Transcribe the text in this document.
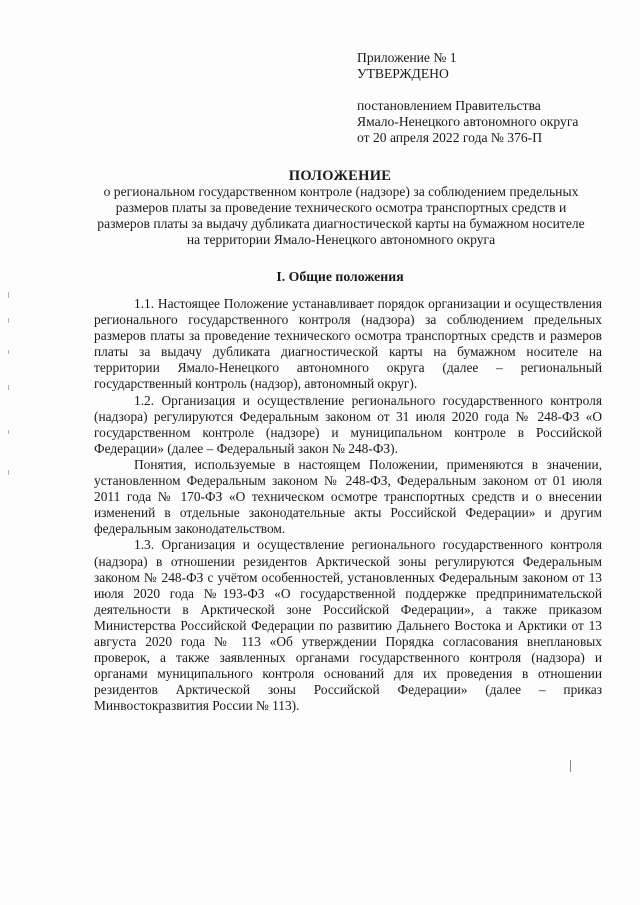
Приложение № 1
УТВЕРЖДЕНО
постановлением Правительства
Ямало-Ненецкого автономного округа
от 20 апреля 2022 года № 376-П
ПОЛОЖЕНИЕ
о региональном государственном контроле (надзоре) за соблюдением предельных размеров платы за проведение технического осмотра транспортных средств и размеров платы за выдачу дубликата диагностической карты на бумажном носителе на территории Ямало-Ненецкого автономного округа
I. Общие положения

1.1. Настоящее Положение устанавливает порядок организации и осуществления регионального государственного контроля (надзора) за соблюдением предельных размеров платы за проведение технического осмотра транспортных средств и размеров платы за выдачу дубликата диагностической карты на бумажном носителе на территории Ямало-Ненецкого автономного округа (далее – региональный государственный контроль (надзор), автономный округ).

1.2. Организация и осуществление регионального государственного контроля (надзора) регулируются Федеральным законом от 31 июля 2020 года № 248-ФЗ «О государственном контроле (надзоре) и муниципальном контроле в Российской Федерации» (далее – Федеральный закон № 248-ФЗ).

Понятия, используемые в настоящем Положении, применяются в значении, установленном Федеральным законом № 248-ФЗ, Федеральным законом от 01 июля 2011 года № 170-ФЗ «О техническом осмотре транспортных средств и о внесении изменений в отдельные законодательные акты Российской Федерации» и другим федеральным законодательством.

1.3. Организация и осуществление регионального государственного контроля (надзора) в отношении резидентов Арктической зоны регулируются Федеральным законом № 248-ФЗ с учётом особенностей, установленных Федеральным законом от 13 июля 2020 года №193-ФЗ «О государственной поддержке предпринимательской деятельности в Арктической зоне Российской Федерации», а также приказом Министерства Российской Федерации по развитию Дальнего Востока и Арктики от 13 августа 2020 года № 113 «Об утверждении Порядка согласования внеплановых проверок, а также заявленных органами государственного контроля (надзора) и органами муниципального контроля оснований для их проведения в отношении резидентов Арктической зоны Российской Федерации» (далее – приказ Минвостокразвития России № 113).
